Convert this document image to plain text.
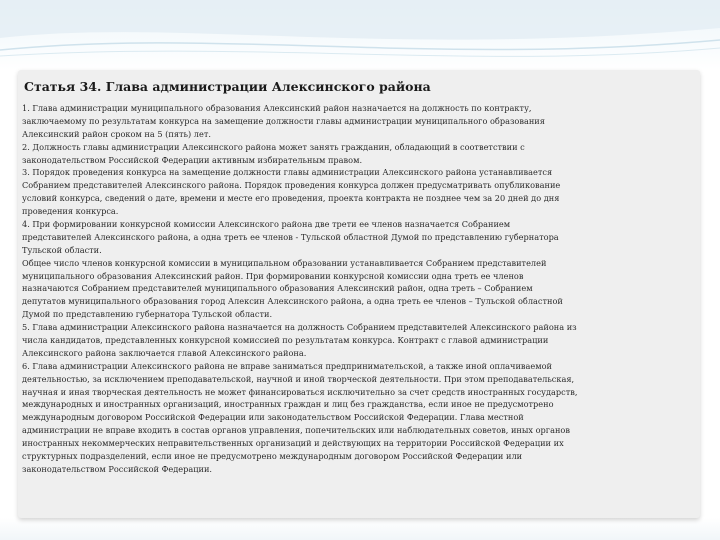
Статья 34. Глава администрации Алексинского района
1. Глава администрации муниципального образования Алексинский район назначается на должность по контракту,
заключаемому по результатам конкурса на замещение должности главы администрации муниципального образования
Алексинский район сроком на 5 (пять) лет.
2. Должность главы администрации Алексинского района может занять гражданин, обладающий в соответствии с
законодательством Российской Федерации активным избирательным правом.
3. Порядок проведения конкурса на замещение должности главы администрации Алексинского района устанавливается
Собранием представителей Алексинского района. Порядок проведения конкурса должен предусматривать опубликование
условий конкурса, сведений о дате, времени и месте его проведения, проекта контракта не позднее чем за 20 дней до дня
проведения конкурса.
4. При формировании конкурсной комиссии Алексинского района две трети ее членов назначается Собранием
представителей Алексинского района, а одна треть ее членов - Тульской областной Думой по представлению губернатора
Тульской области.
Общее число членов конкурсной комиссии в муниципальном образовании устанавливается Собранием представителей
муниципального образования Алексинский район. При формировании конкурсной комиссии одна треть ее членов
назначаются Собранием представителей муниципального образования Алексинский район, одна треть – Собранием
депутатов муниципального образования город Алексин Алексинского района, а одна треть ее членов – Тульской областной
Думой по представлению губернатора Тульской области.
5. Глава администрации Алексинского района назначается на должность Собранием представителей Алексинского района из
числа кандидатов, представленных конкурсной комиссией по результатам конкурса. Контракт с главой администрации
Алексинского района заключается главой Алексинского района.
6. Глава администрации Алексинского района не вправе заниматься предпринимательской, а также иной оплачиваемой
деятельностью, за исключением преподавательской, научной и иной творческой деятельности. При этом преподавательская,
научная и иная творческая деятельность не может финансироваться исключительно за счет средств иностранных государств,
международных и иностранных организаций, иностранных граждан и лиц без гражданства, если иное не предусмотрено
международным договором Российской Федерации или законодательством Российской Федерации. Глава местной
администрации не вправе входить в состав органов управления, попечительских или наблюдательных советов, иных органов
иностранных некоммерческих неправительственных организаций и действующих на территории Российской Федерации их
структурных подразделений, если иное не предусмотрено международным договором Российской Федерации или
законодательством Российской Федерации.
